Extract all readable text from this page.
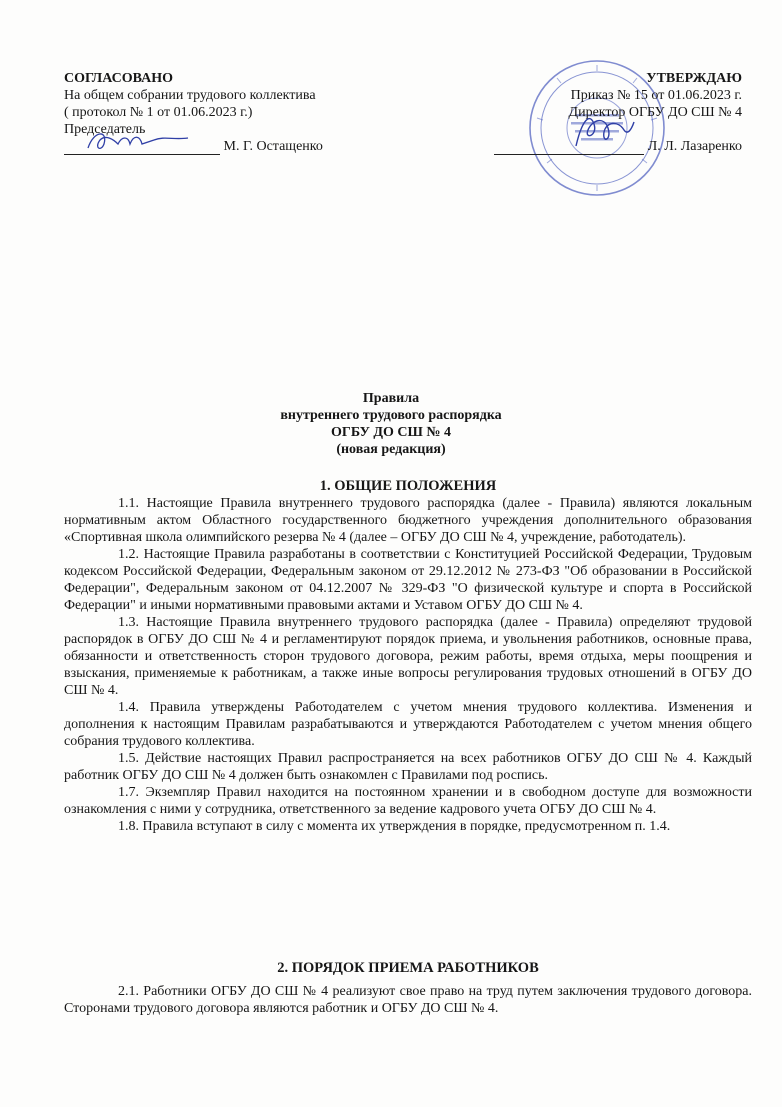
СОГЛАСОВАНО
На общем собрании трудового коллектива
( протокол № 1 от 01.06.2023 г.)
Председатель
М. Г. Остащенко
УТВЕРЖДАЮ
Приказ № 15 от 01.06.2023 г.
Директор ОГБУ ДО СШ № 4
Л. Л. Лазаренко
Правила
внутреннего трудового распорядка
ОГБУ ДО СШ № 4
(новая редакция)
1. ОБЩИЕ ПОЛОЖЕНИЯ

1.1. Настоящие Правила внутреннего трудового распорядка (далее - Правила) являются локальным нормативным актом Областного государственного бюджетного учреждения дополнительного образования «Спортивная школа олимпийского резерва № 4 (далее – ОГБУ ДО СШ № 4, учреждение, работодатель).

1.2. Настоящие Правила разработаны в соответствии с Конституцией Российской Федерации, Трудовым кодексом Российской Федерации, Федеральным законом от 29.12.2012 № 273-ФЗ "Об образовании в Российской Федерации", Федеральным законом от 04.12.2007 № 329-ФЗ "О физической культуре и спорта в Российской Федерации" и иными нормативными правовыми актами и Уставом ОГБУ ДО СШ № 4.

1.3. Настоящие Правила внутреннего трудового распорядка (далее - Правила) определяют трудовой распорядок в ОГБУ ДО СШ № 4 и регламентируют порядок приема, и увольнения работников, основные права, обязанности и ответственность сторон трудового договора, режим работы, время отдыха, меры поощрения и взыскания, применяемые к работникам, а также иные вопросы регулирования трудовых отношений в ОГБУ ДО СШ № 4.

1.4. Правила утверждены Работодателем с учетом мнения трудового коллектива. Изменения и дополнения к настоящим Правилам разрабатываются и утверждаются Работодателем с учетом мнения общего собрания трудового коллектива.

1.5. Действие настоящих Правил распространяется на всех работников ОГБУ ДО СШ № 4. Каждый работник ОГБУ ДО СШ № 4 должен быть ознакомлен с Правилами под роспись.

1.7. Экземпляр Правил находится на постоянном хранении и в свободном доступе для возможности ознакомления с ними у сотрудника, ответственного за ведение кадрового учета ОГБУ ДО СШ № 4.

1.8. Правила вступают в силу с момента их утверждения в порядке, предусмотренном п. 1.4.

2. ПОРЯДОК ПРИЕМА РАБОТНИКОВ

2.1. Работники ОГБУ ДО СШ № 4 реализуют свое право на труд путем заключения трудового договора. Сторонами трудового договора являются работник и ОГБУ ДО СШ № 4.
